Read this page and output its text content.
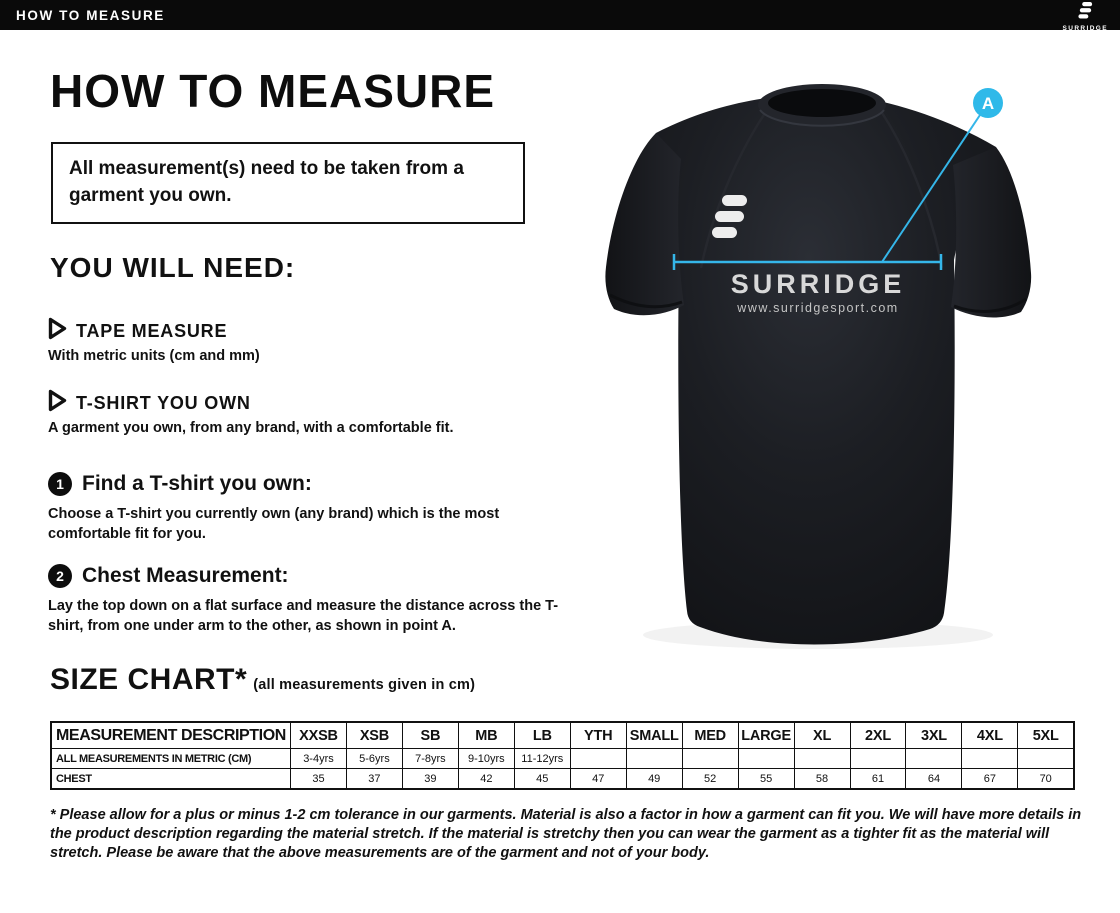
HOW TO MEASURE
SURRIDGE
HOW TO MEASURE
All measurement(s) need to be taken from a garment you own.
YOU WILL NEED:
TAPE MEASURE
With metric units (cm and mm)
T-SHIRT YOU OWN
A garment you own, from any brand, with a comfortable fit.
1 Find a T-shirt you own:
Choose a T-shirt you currently own (any brand) which is the most comfortable fit for you.
2 Chest Measurement:
Lay the top down on a flat surface and measure the distance across the T-shirt, from one under arm to the other, as shown in point A.
SIZE CHART* (all measurements given in cm)
MEASUREMENT DESCRIPTION	XXSB	XSB	SB	MB	LB	YTH	SMALL	MED	LARGE	XL	2XL	3XL	4XL	5XL
ALL MEASUREMENTS IN METRIC (CM)	3-4yrs	5-6yrs	7-8yrs	9-10yrs	11-12yrs									
CHEST	35	37	39	42	45	47	49	52	55	58	61	64	67	70

* Please allow for a plus or minus 1-2 cm tolerance in our garments. Material is also a factor in how a garment can fit you. We will have more details in the product description regarding the material stretch. If the material is stretchy then you can wear the garment as a tighter fit as the material will stretch. Please be aware that the above measurements are of the garment and not of your body.

SURRIDGE
www.surridgesport.com
A
